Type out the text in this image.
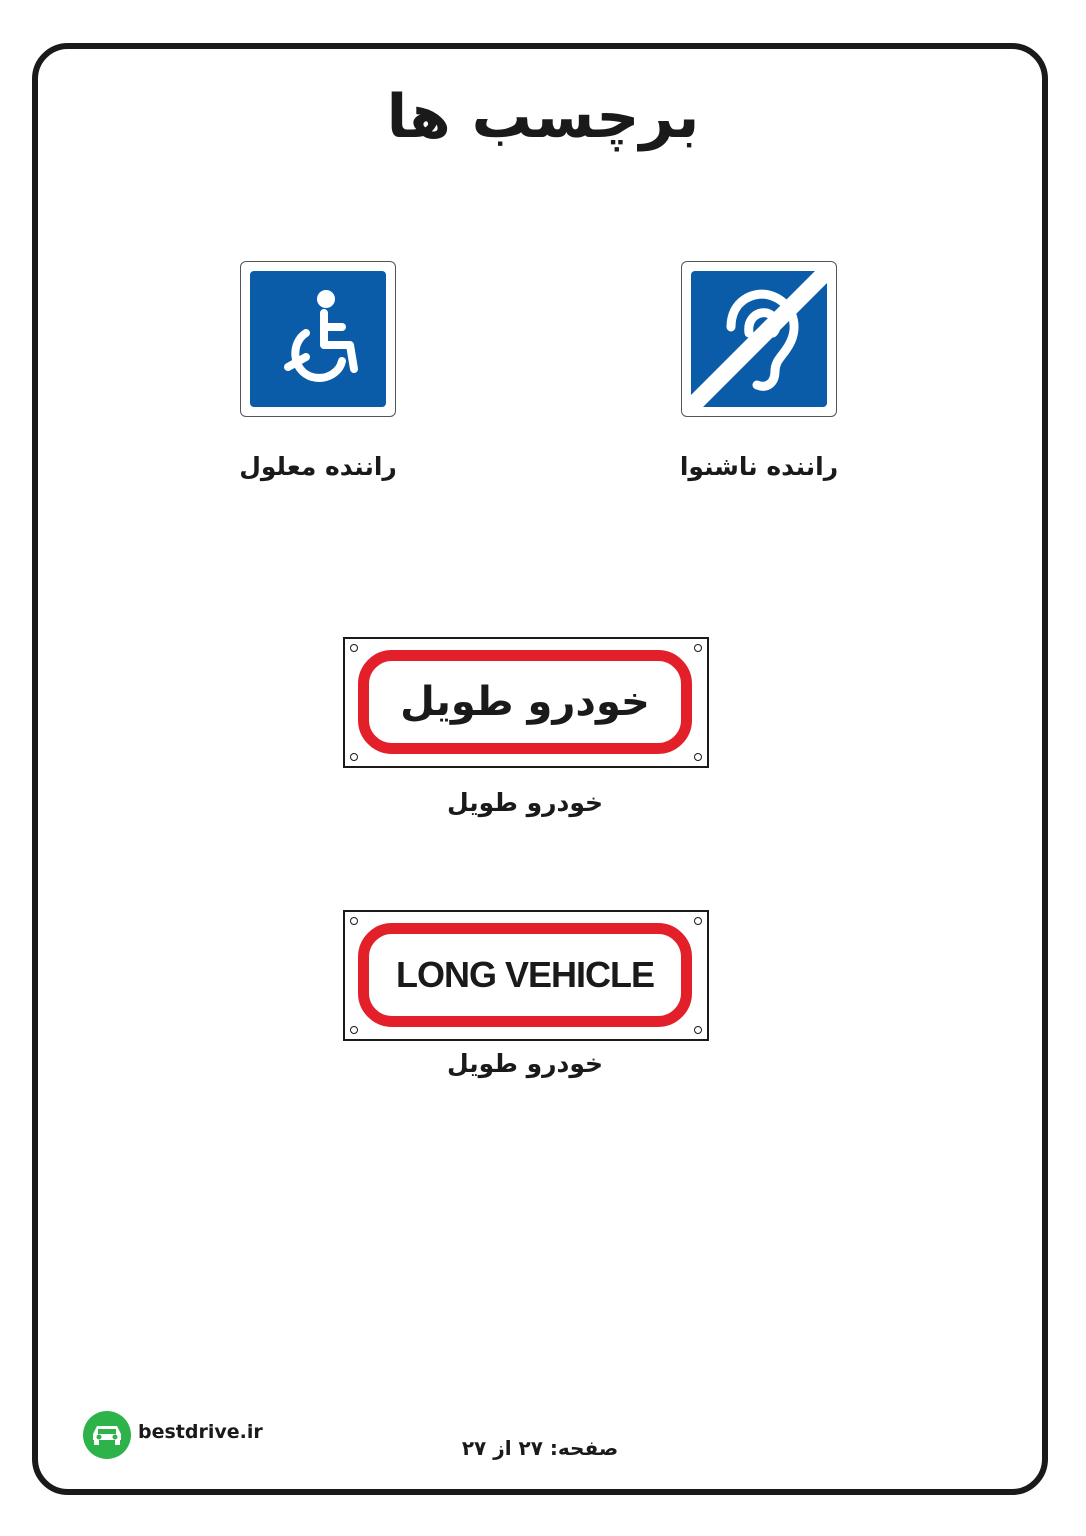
برچسب ها
راننده ناشنوا
راننده معلول
خودرو طویل
خودرو طویل
LONG VEHICLE
خودرو طویل
bestdrive.ir
صفحه: ۲۷ از ۲۷
